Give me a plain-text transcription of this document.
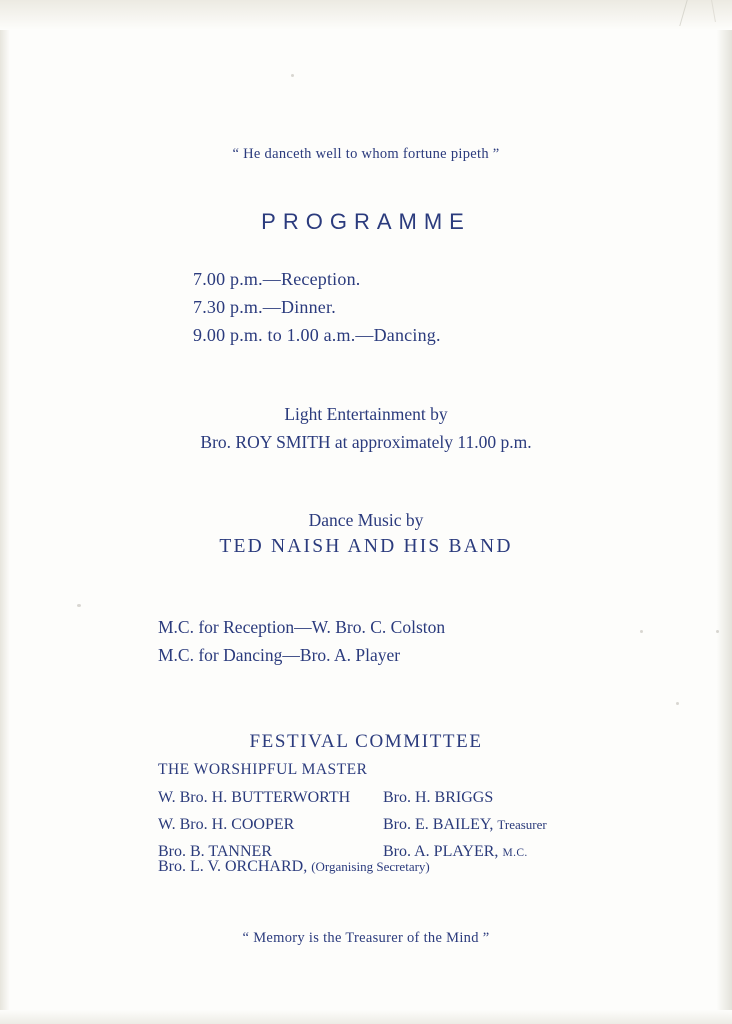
“ He danceth well to whom fortune pipeth ”
PROGRAMME
7.00 p.m.—Reception.
7.30 p.m.—Dinner.
9.00 p.m. to 1.00 a.m.—Dancing.
Light Entertainment by
Bro. ROY SMITH at approximately 11.00 p.m.
Dance Music by
TED NAISH AND HIS BAND
M.C. for Reception—W. Bro. C. Colston
M.C. for Dancing—Bro. A. Player
FESTIVAL COMMITTEE
THE WORSHIPFUL MASTER
W. Bro. H. BUTTERWORTH
W. Bro. H. COOPER
Bro. B. TANNER
Bro. H. BRIGGS
Bro. E. BAILEY, Treasurer
Bro. A. PLAYER, M.C.
Bro. L. V. ORCHARD, (Organising Secretary)
“ Memory is the Treasurer of the Mind ”
